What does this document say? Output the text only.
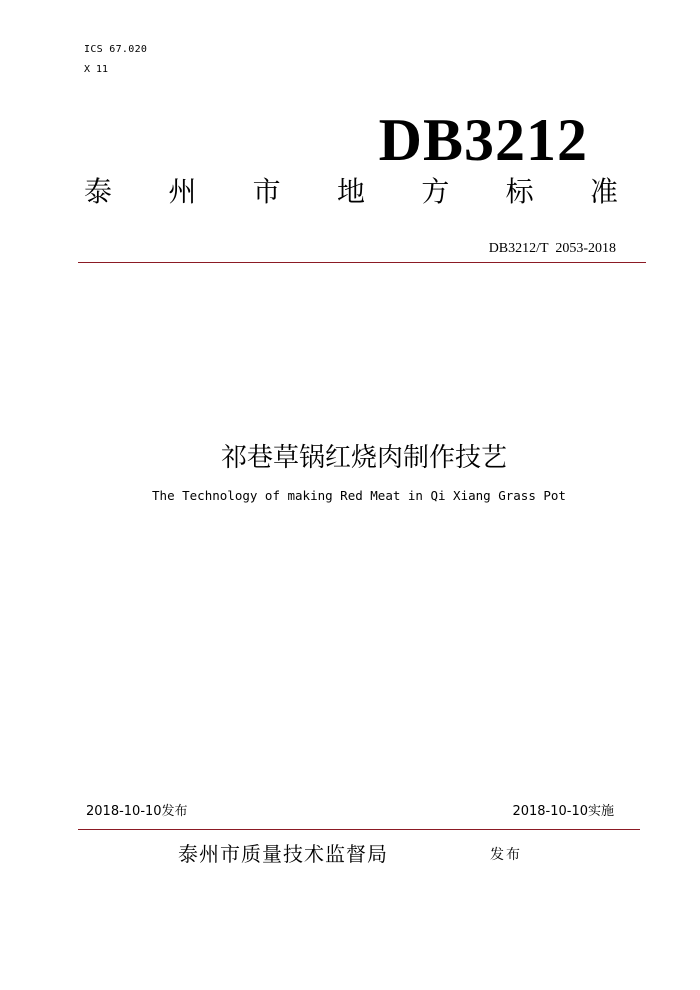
ICS 67.020
X 11
DB3212
泰 州 市 地 方 标 准
DB3212/T  2053-2018
祁巷草锅红烧肉制作技艺
The Technology of making Red Meat in Qi Xiang Grass Pot
2018-10-10发布	2018-10-10实施
泰州市质量技术监督局	发布
